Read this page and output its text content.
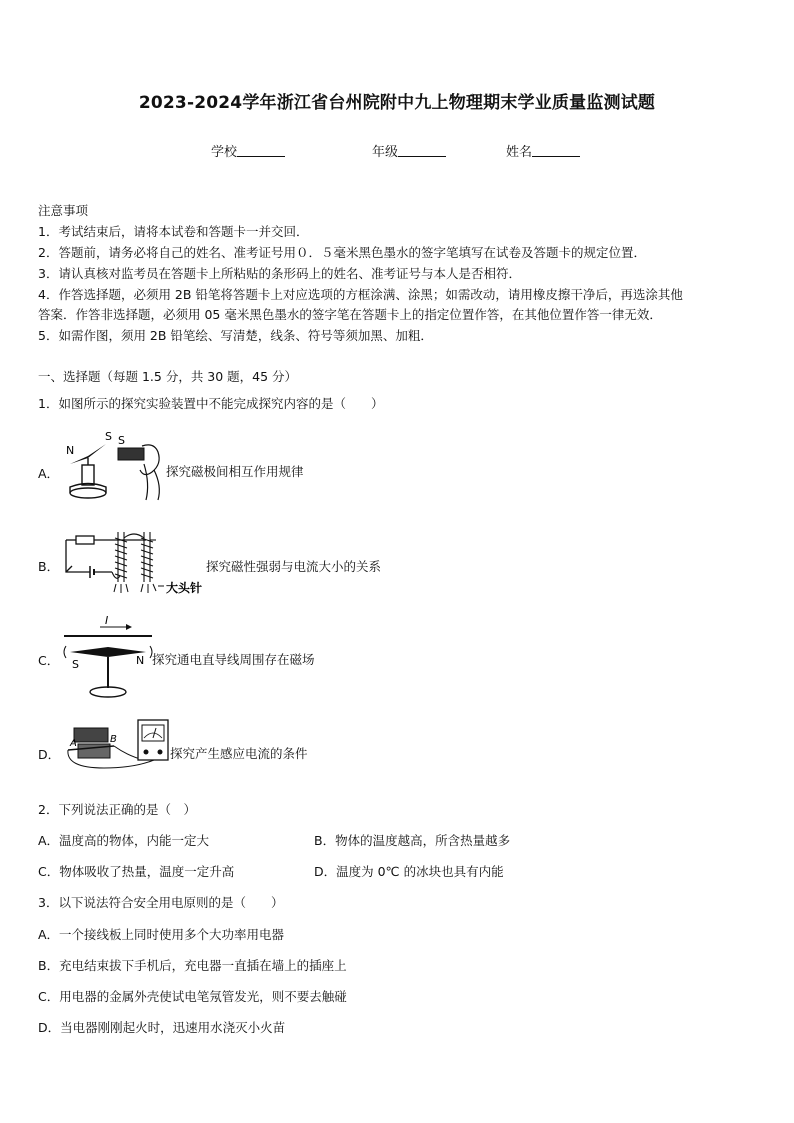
2023-2024学年浙江省台州院附中九上物理期末学业质量监测试题
学校	年级	姓名
注意事项
1．考试结束后，请将本试卷和答题卡一并交回．
2．答题前，请务必将自己的姓名、准考证号用０．５毫米黑色墨水的签字笔填写在试卷及答题卡的规定位置．
3．请认真核对监考员在答题卡上所粘贴的条形码上的姓名、准考证号与本人是否相符．
4．作答选择题，必须用 2B 铅笔将答题卡上对应选项的方框涂满、涂黑；如需改动，请用橡皮擦干净后，再选涂其他
答案．作答非选择题，必须用 05 毫米黑色墨水的签字笔在答题卡上的指定位置作答，在其他位置作答一律无效．
5．如需作图，须用 2B 铅笔绘、写清楚，线条、符号等须加黑、加粗．
一、选择题（每题 1.5 分，共 30 题，45 分）
1．如图所示的探究实验装置中不能完成探究内容的是（　　）
A．
N
S S
探究磁极间相互作用规律
B．
大头针
探究磁性强弱与电流大小的关系
C．
I
S	N 探究通电直导线周围存在磁场
D．
A	B
探究产生感应电流的条件
2．下列说法正确的是（　）
A．温度高的物体，内能一定大	B．物体的温度越高，所含热量越多
C．物体吸收了热量，温度一定升高	D．温度为 0℃ 的冰块也具有内能
3．以下说法符合安全用电原则的是（　　）
A．一个接线板上同时使用多个大功率用电器
B．充电结束拔下手机后，充电器一直插在墙上的插座上
C．用电器的金属外壳使试电笔氖管发光，则不要去触碰
D．当电器刚刚起火时，迅速用水浇灭小火苗
